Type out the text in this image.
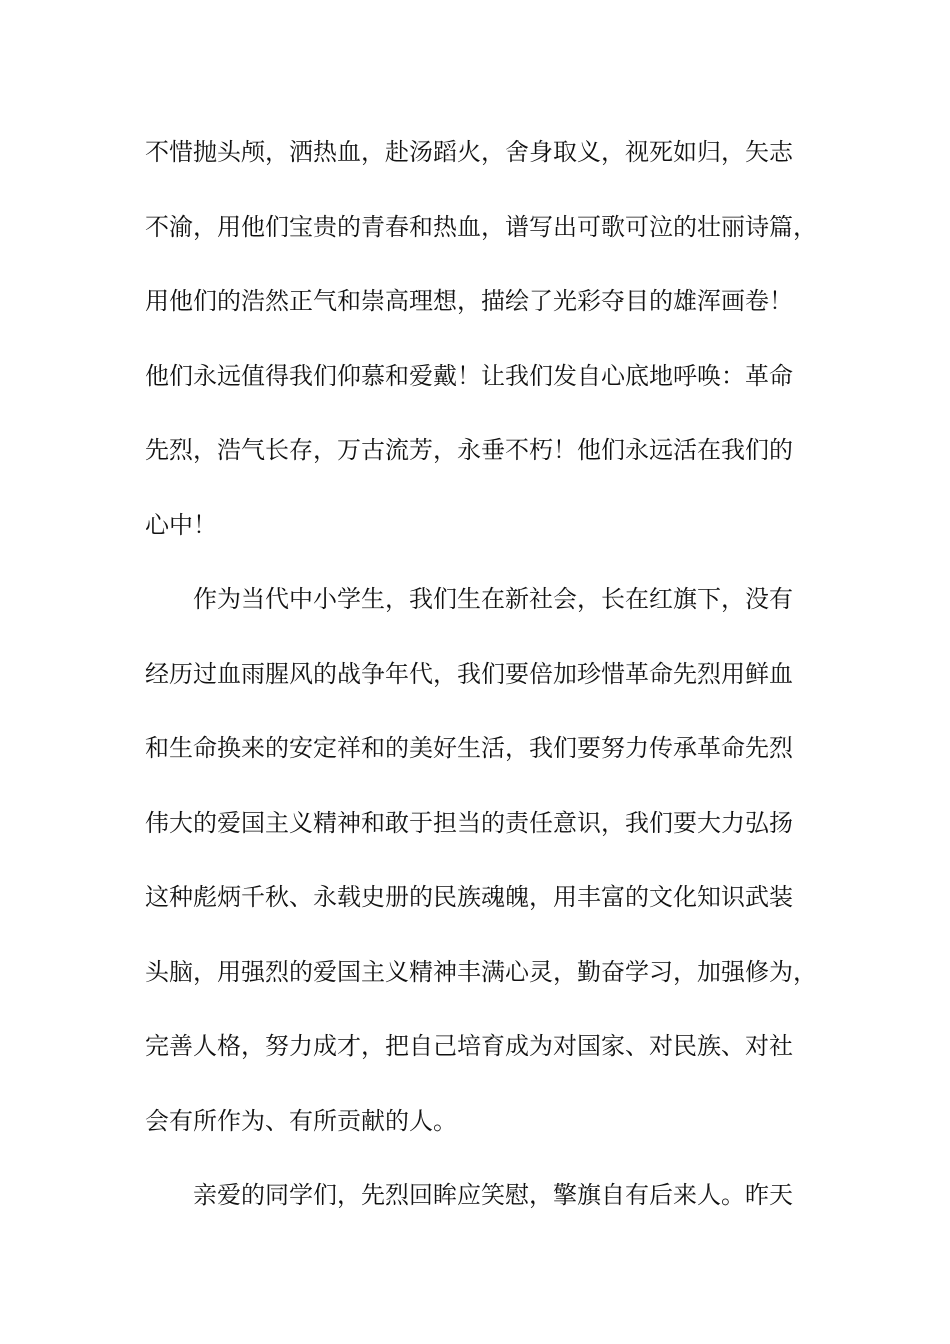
不惜抛头颅，洒热血，赴汤蹈火，舍身取义，视死如归，矢志
不渝，用他们宝贵的青春和热血，谱写出可歌可泣的壮丽诗篇，
用他们的浩然正气和崇高理想，描绘了光彩夺目的雄浑画卷！
他们永远值得我们仰慕和爱戴！让我们发自心底地呼唤：革命
先烈，浩气长存，万古流芳，永垂不朽！他们永远活在我们的
心中！
作为当代中小学生，我们生在新社会，长在红旗下，没有
经历过血雨腥风的战争年代，我们要倍加珍惜革命先烈用鲜血
和生命换来的安定祥和的美好生活，我们要努力传承革命先烈
伟大的爱国主义精神和敢于担当的责任意识，我们要大力弘扬
这种彪炳千秋、永载史册的民族魂魄，用丰富的文化知识武装
头脑，用强烈的爱国主义精神丰满心灵，勤奋学习，加强修为，
完善人格，努力成才，把自己培育成为对国家、对民族、对社
会有所作为、有所贡献的人。
亲爱的同学们，先烈回眸应笑慰，擎旗自有后来人。昨天
